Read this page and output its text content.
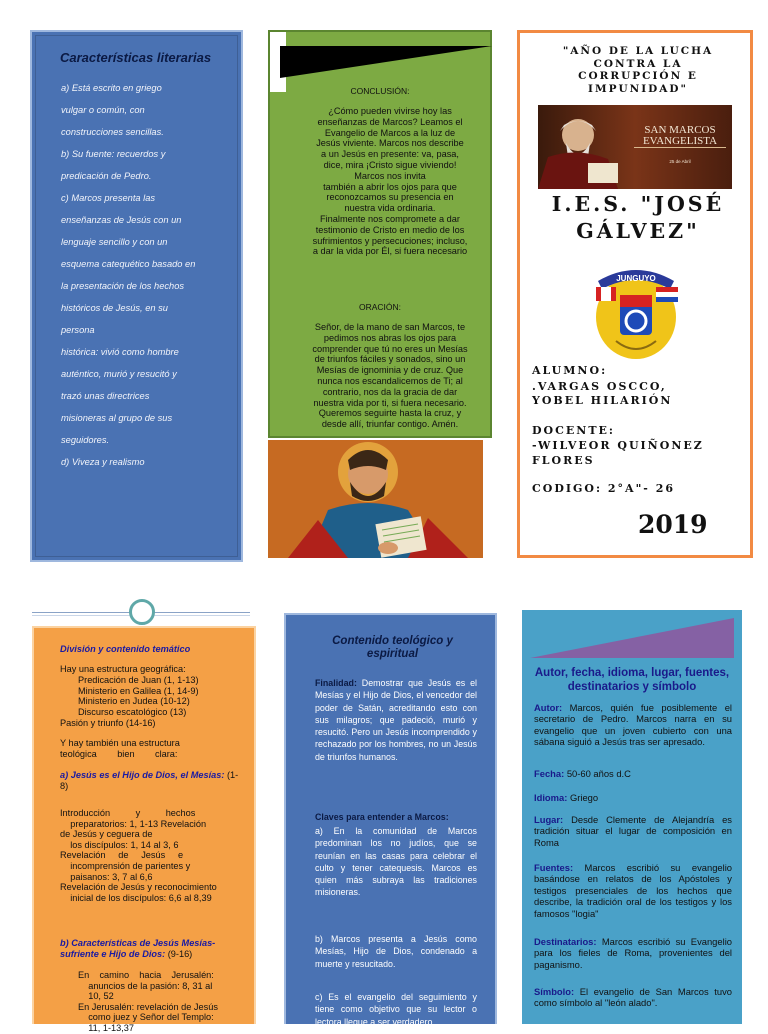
Características literarias
a) Está escrito en griego
vulgar o común, con
construcciones sencillas.
b) Su fuente: recuerdos y
predicación de Pedro.
c) Marcos presenta las
enseñanzas de Jesús con un
lenguaje sencillo y con un
esquema catequético basado en
la presentación de los hechos
históricos de Jesús, en su
persona
histórica: vivió como hombre
auténtico, murió y resucitó y
trazó unas directrices
misioneras al grupo de sus
seguidores.
d) Viveza y realismo
CONCLUSIÓN:
¿Cómo pueden vivirse hoy las
enseñanzas de Marcos? Leamos el
Evangelio de Marcos a la luz de
Jesús viviente. Marcos nos describe
a un Jesús en presente: va, pasa,
dice, mira ¡Cristo sigue viviendo!
Marcos nos invita
también a abrir los ojos para que
reconozcamos su presencia en
nuestra vida ordinaria.
Finalmente nos compromete a dar
testimonio de Cristo en medio de los
sufrimientos y persecuciones; incluso,
a dar la vida por Él, si fuera necesario
ORACIÓN:
Señor, de la mano de san Marcos, te
pedimos nos abras los ojos para
comprender que tú no eres un Mesías
de triunfos fáciles y sonados, sino un
Mesías de ignominia y de cruz. Que
nunca nos escandalicemos de Ti; al
contrario, nos da la gracia de dar
nuestra vida por ti, si fuera necesario.
Queremos seguirte hasta la cruz, y
desde allí, triunfar contigo. Amén.
"AÑO DE LA LUCHA
CONTRA LA
CORRUPCIÓN E
IMPUNIDAD"
SAN MARCOS
EVANGELISTA
25 de Abril
I.E.S. "JOSÉ
GÁLVEZ"
JUNGUYO
ALUMNO:
.VARGAS OSCCO,
YOBEL HILARIÓN
DOCENTE:
-WILVEOR QUIÑONEZ
FLORES
CODIGO: 2°A"- 26
2019
División y contenido temático
Hay una estructura geográfica:
Predicación de Juan (1, 1-13)
Ministerio en Galilea (1, 14-9)
Ministerio en Judea (10-12)
Discurso escatológico (13)
Pasión y triunfo (14-16)
Y hay también una estructura
teológica        bien        clara:
a) Jesús es el Hijo de Dios, el Mesías: (1-8)
Introducción          y          hechos
preparatorios: 1, 1-13 Revelación
de Jesús y ceguera de
los discípulos: 1, 14 al 3, 6
Revelación     de     Jesús     e
incomprensión de parientes y
paisanos: 3, 7 al 6,6
Revelación de Jesús y reconocimiento
inicial de los discípulos: 6,6 al 8,39
b) Características de Jesús Mesías-sufriente e Hijo de Dios: (9-16)
En    camino    hacia    Jerusalén:
anuncios de la pasión: 8, 31 al
10, 52
En Jerusalén: revelación de Jesús
como juez y Señor del Templo:
11, 1-13,37
Contenido teológico y espiritual
Finalidad: Demostrar que Jesús es el Mesías y el Hijo de Dios, el vencedor del poder de Satán, acreditando esto con sus milagros; que padeció, murió y resucitó. Pero un Jesús incomprendido y rechazado por los hombres, no un Jesús de triunfos humanos.
Claves para entender a Marcos:
a) En la comunidad de Marcos predominan los no judíos, que se reunían en las casas para celebrar el culto y tener catequesis. Marcos es quien más subraya las tradiciones misioneras.
b) Marcos presenta a Jesús como Mesías, Hijo de Dios, condenado a muerte y resucitado.
c) Es el evangelio del seguimiento y tiene como objetivo que su lector o lectora llegue a ser verdadero
Autor, fecha, idioma, lugar, fuentes, destinatarios y símbolo
Autor: Marcos, quién fue posiblemente el secretario de Pedro. Marcos narra en su evangelio que un joven cubierto con una sábana siguió a Jesús tras ser apresado.
Fecha: 50-60 años d.C
Idioma: Griego
Lugar: Desde Clemente de Alejandría es tradición situar el lugar de composición en Roma
Fuentes: Marcos escribió su evangelio basándose en relatos de los Apóstoles y testigos presenciales de los hechos que describe, la tradición oral de los testigos y los famosos "logia"
Destinatarios: Marcos escribió su Evangelio para los fieles de Roma, provenientes del paganismo.
Símbolo: El evangelio de San Marcos tuvo como símbolo al "león alado".
